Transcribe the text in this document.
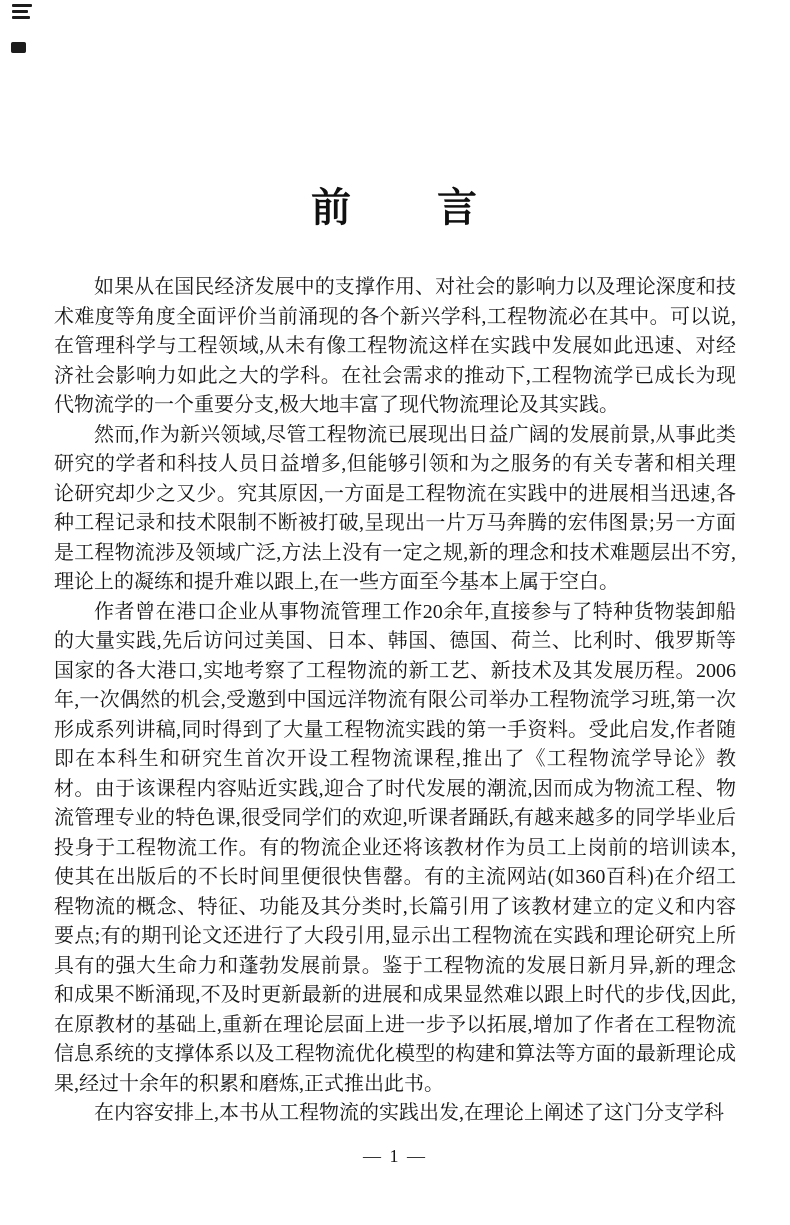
前　　言

如果从在国民经济发展中的支撑作用、对社会的影响力以及理论深度和技术难度等角度全面评价当前涌现的各个新兴学科,工程物流必在其中。可以说,在管理科学与工程领域,从未有像工程物流这样在实践中发展如此迅速、对经济社会影响力如此之大的学科。在社会需求的推动下,工程物流学已成长为现代物流学的一个重要分支,极大地丰富了现代物流理论及其实践。

然而,作为新兴领域,尽管工程物流已展现出日益广阔的发展前景,从事此类研究的学者和科技人员日益增多,但能够引领和为之服务的有关专著和相关理论研究却少之又少。究其原因,一方面是工程物流在实践中的进展相当迅速,各种工程记录和技术限制不断被打破,呈现出一片万马奔腾的宏伟图景;另一方面是工程物流涉及领域广泛,方法上没有一定之规,新的理念和技术难题层出不穷,理论上的凝练和提升难以跟上,在一些方面至今基本上属于空白。

作者曾在港口企业从事物流管理工作20余年,直接参与了特种货物装卸船的大量实践,先后访问过美国、日本、韩国、德国、荷兰、比利时、俄罗斯等国家的各大港口,实地考察了工程物流的新工艺、新技术及其发展历程。2006年,一次偶然的机会,受邀到中国远洋物流有限公司举办工程物流学习班,第一次形成系列讲稿,同时得到了大量工程物流实践的第一手资料。受此启发,作者随即在本科生和研究生首次开设工程物流课程,推出了《工程物流学导论》教材。由于该课程内容贴近实践,迎合了时代发展的潮流,因而成为物流工程、物流管理专业的特色课,很受同学们的欢迎,听课者踊跃,有越来越多的同学毕业后投身于工程物流工作。有的物流企业还将该教材作为员工上岗前的培训读本,使其在出版后的不长时间里便很快售罄。有的主流网站(如360百科)在介绍工程物流的概念、特征、功能及其分类时,长篇引用了该教材建立的定义和内容要点;有的期刊论文还进行了大段引用,显示出工程物流在实践和理论研究上所具有的强大生命力和蓬勃发展前景。鉴于工程物流的发展日新月异,新的理念和成果不断涌现,不及时更新最新的进展和成果显然难以跟上时代的步伐,因此,在原教材的基础上,重新在理论层面上进一步予以拓展,增加了作者在工程物流信息系统的支撑体系以及工程物流优化模型的构建和算法等方面的最新理论成果,经过十余年的积累和磨炼,正式推出此书。

在内容安排上,本书从工程物流的实践出发,在理论上阐述了这门分支学科

— 1 —
